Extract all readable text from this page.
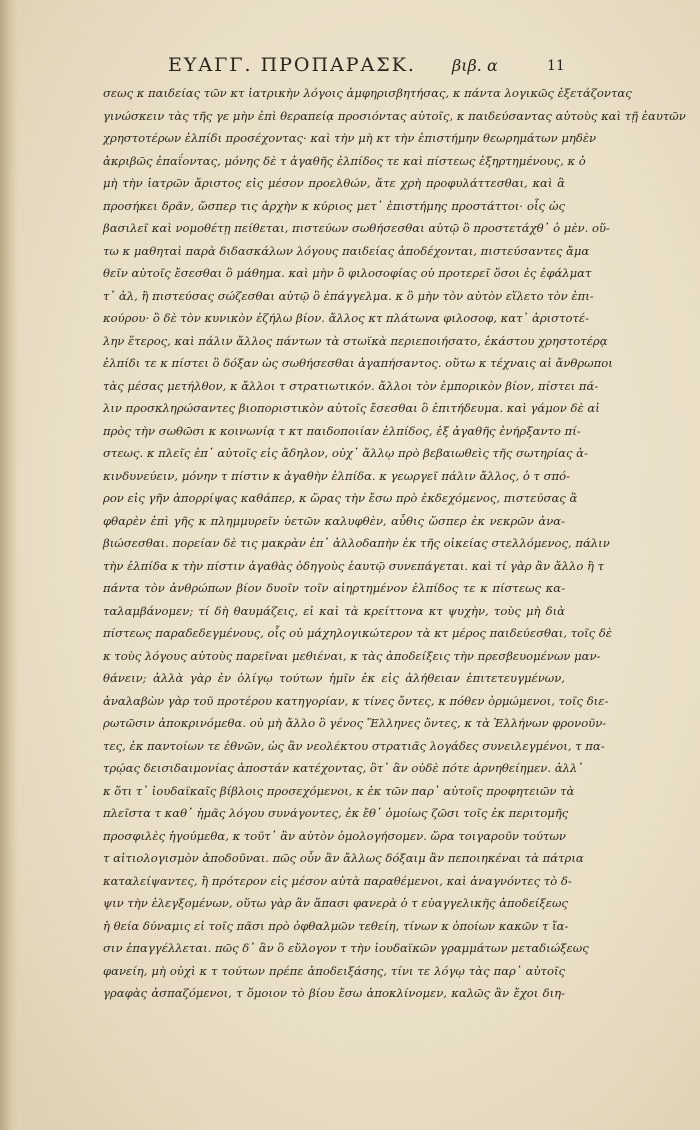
ΕΥΑΓΓ. ΠΡΟΠΑΡΑΣΚ. βιβ. α	11
σεως κ παιδείας τῶν κτ ἰατρικὴν λόγοις ἀμφηρισβητήσας, κ πάντα λογικῶς ἐξετάζοντας
γινώσκειν τὰς τῆς γε μὴν ἐπὶ θεραπείᾳ προσιόντας αὐτοῖς, κ παιδεύσαντας αὐτοὺς καὶ τῇ ἑαυτῶν
χρηστοτέρων ἐλπίδι προσέχοντας· καὶ τὴν μὴ κτ τὴν ἐπιστήμην θεωρημάτων μηδὲν
ἀκριβῶς ἐπαΐοντας, μόνης δὲ τ ἀγαθῆς ἐλπίδος τε καὶ πίστεως ἐξηρτημένους, κ ὁ
μὴ τὴν ἰατρῶν ἄριστος εἰς μέσον προελθών, ἅτε χρὴ προφυλάττεσθαι, καὶ ἃ
προσήκει δρᾶν, ὥσπερ τις ἀρχὴν κ κύριος μετ᾽ ἐπιστήμης προστάττοι· οἷς ὡς
βασιλεῖ καὶ νομοθέτῃ πείθεται, πιστεύων σωθήσεσθαι αὐτῷ ὃ προστετάχθ᾽ ὁ μὲν. οὕ-
τω κ μαθηταὶ παρὰ διδασκάλων λόγους παιδείας ἀποδέχονται, πιστεύσαντες ἄμα
θεῖν αὐτοῖς ἔσεσθαι ὃ μάθημα. καὶ μὴν ὃ φιλοσοφίας οὐ προτερεῖ ὅσοι ἐς ἐφάλματ
τ᾽ ἀλ, ἢ πιστεύσας σώζεσθαι αὐτῷ ὃ ἐπάγγελμα. κ ὃ μὴν τὸν αὐτὸν εἵλετο τὸν ἐπι-
κούρου· ὃ δὲ τὸν κυνικὸν ἐζήλω βίον. ἄλλος κτ πλάτωνα φιλοσοφ, κατ᾽ ἀριστοτέ-
λην ἕτερος, καὶ πάλιν ἄλλος πάντων τὰ στωϊκὰ περιεποιήσατο, ἑκάστου χρηστοτέρᾳ
ἐλπίδι τε κ πίστει ὃ δόξαν ὡς σωθήσεσθαι ἀγαπήσαντος. οὕτω κ τέχναις αἱ ἄνθρωποι
τὰς μέσας μετήλθον, κ ἄλλοι τ στρατιωτικόν. ἄλλοι τὸν ἐμπορικὸν βίον, πίστει πά-
λιν προσκληρώσαντες βιοποριστικὸν αὐτοῖς ἔσεσθαι ὃ ἐπιτήδευμα. καὶ γάμον δὲ αἱ
πρὸς τὴν σωθῶσι κ κοινωνίᾳ τ κτ παιδοποιίαν ἐλπίδος, ἐξ ἀγαθῆς ἐνήρξαντο πί-
στεως. κ πλεῖς ἐπ᾽ αὐτοῖς εἰς ἄδηλον, οὐχ᾽ ἄλλῳ πρὸ βεβαιωθεὶς τῆς σωτηρίας ἀ-
κινδυνεύειν, μόνην τ πίστιν κ ἀγαθὴν ἐλπίδα. κ γεωργεῖ πάλιν ἄλλος, ὁ τ σπό-
ρον εἰς γῆν ἀπορρίψας καθάπερ, κ ὥρας τὴν ἔσω πρὸ ἐκδεχόμενος, πιστεύσας ἃ
φθαρὲν ἐπὶ γῆς κ πλημμυρεῖν ὑετῶν καλυφθὲν, αὖθις ὥσπερ ἐκ νεκρῶν ἀνα-
βιώσεσθαι. πορείαν δὲ τις μακρὰν ἐπ᾽ ἀλλοδαπὴν ἐκ τῆς οἰκείας στελλόμενος, πάλιν
τὴν ἐλπίδα κ τὴν πίστιν ἀγαθὰς ὁδηγοὺς ἑαυτῷ συνεπάγεται. καὶ τί γὰρ ἂν ἄλλο ἢ τ
πάντα τὸν ἀνθρώπων βίον δυοῖν τοῖν αἰηρτημένον ἐλπίδος τε κ πίστεως κα-
ταλαμβάνομεν; τί δὴ θαυμάζεις, εἰ καὶ τὰ κρείττονα κτ ψυχὴν, τοὺς μὴ διὰ
πίστεως παραδεδεγμένους, οἷς οὐ μάχηλογικώτερον τὰ κτ μέρος παιδεύεσθαι, τοῖς δὲ
κ τοὺς λόγους αὐτοὺς παρεῖναι μεθιέναι, κ τὰς ἀποδείξεις τὴν πρεσβευομένων μαν-
θάνειν; ἀλλὰ γὰρ ἐν ὀλίγῳ τούτων ἡμῖν ἐκ εἰς ἀλήθειαν ἐπιτετευγμένων,
ἀναλαβὼν γὰρ τοῦ προτέρου κατηγορίαν, κ τίνες ὄντες, κ πόθεν ὁρμώμενοι, τοῖς διε-
ρωτῶσιν ἀποκρινόμεθα. οὐ μὴ ἄλλο ὃ γένος Ἕλληνες ὄντες, κ τὰ Ἑλλήνων φρονοῦν-
τες, ἐκ παντοίων τε ἐθνῶν, ὡς ἂν νεολέκτου στρατιᾶς λογάδες συνειλεγμένοι, τ πα-
τρῴας δεισιδαιμονίας ἀποστάν κατέχοντας, ὃτ᾽ ἂν οὐδὲ πότε ἀρνηθείημεν. ἀλλ᾽
κ ὅτι τ᾽ ἰουδαϊκαῖς βίβλοις προσεχόμενοι, κ ἐκ τῶν παρ᾽ αὐτοῖς προφητειῶν τὰ
πλεῖστα τ καθ᾽ ἡμᾶς λόγου συνάγοντες, ἐκ ἔθ᾽ ὁμοίως ζῶσι τοῖς ἐκ περιτομῆς
προσφιλὲς ἡγούμεθα, κ τοῦτ᾽ ἂν αὐτὸν ὁμολογήσομεν. ὥρα τοιγαροῦν τούτων
τ αἰτιολογισμὸν ἀποδοῦναι. πῶς οὖν ἂν ἄλλως δόξαιμ ἂν πεποιηκέναι τὰ πάτρια
καταλείψαντες, ἢ πρότερον εἰς μέσον αὐτὰ παραθέμενοι, καὶ ἀναγνόντες τὸ δ-
ψιν τὴν ἐλεγξομένων, οὕτω γὰρ ἂν ἅπασι φανερὰ ὁ τ εὐαγγελικῆς ἀποδείξεως
ἡ θεία δύναμις εἰ τοῖς πᾶσι πρὸ ὀφθαλμῶν τεθείη, τίνων κ ὁποίων κακῶν τ ἴα-
σιν ἐπαγγέλλεται. πῶς δ᾽ ἂν ὃ εὔλογον τ τὴν ἰουδαϊκῶν γραμμάτων μεταδιώξεως
φανείη, μὴ οὐχὶ κ τ τούτων πρέπε ἀποδειξάσης, τίνι τε λόγῳ τὰς παρ᾽ αὐτοῖς
γραφὰς ἀσπαζόμενοι, τ ὅμοιον τὸ βίου ἔσω ἀποκλίνομεν, καλῶς ἂν ἔχοι διη-
